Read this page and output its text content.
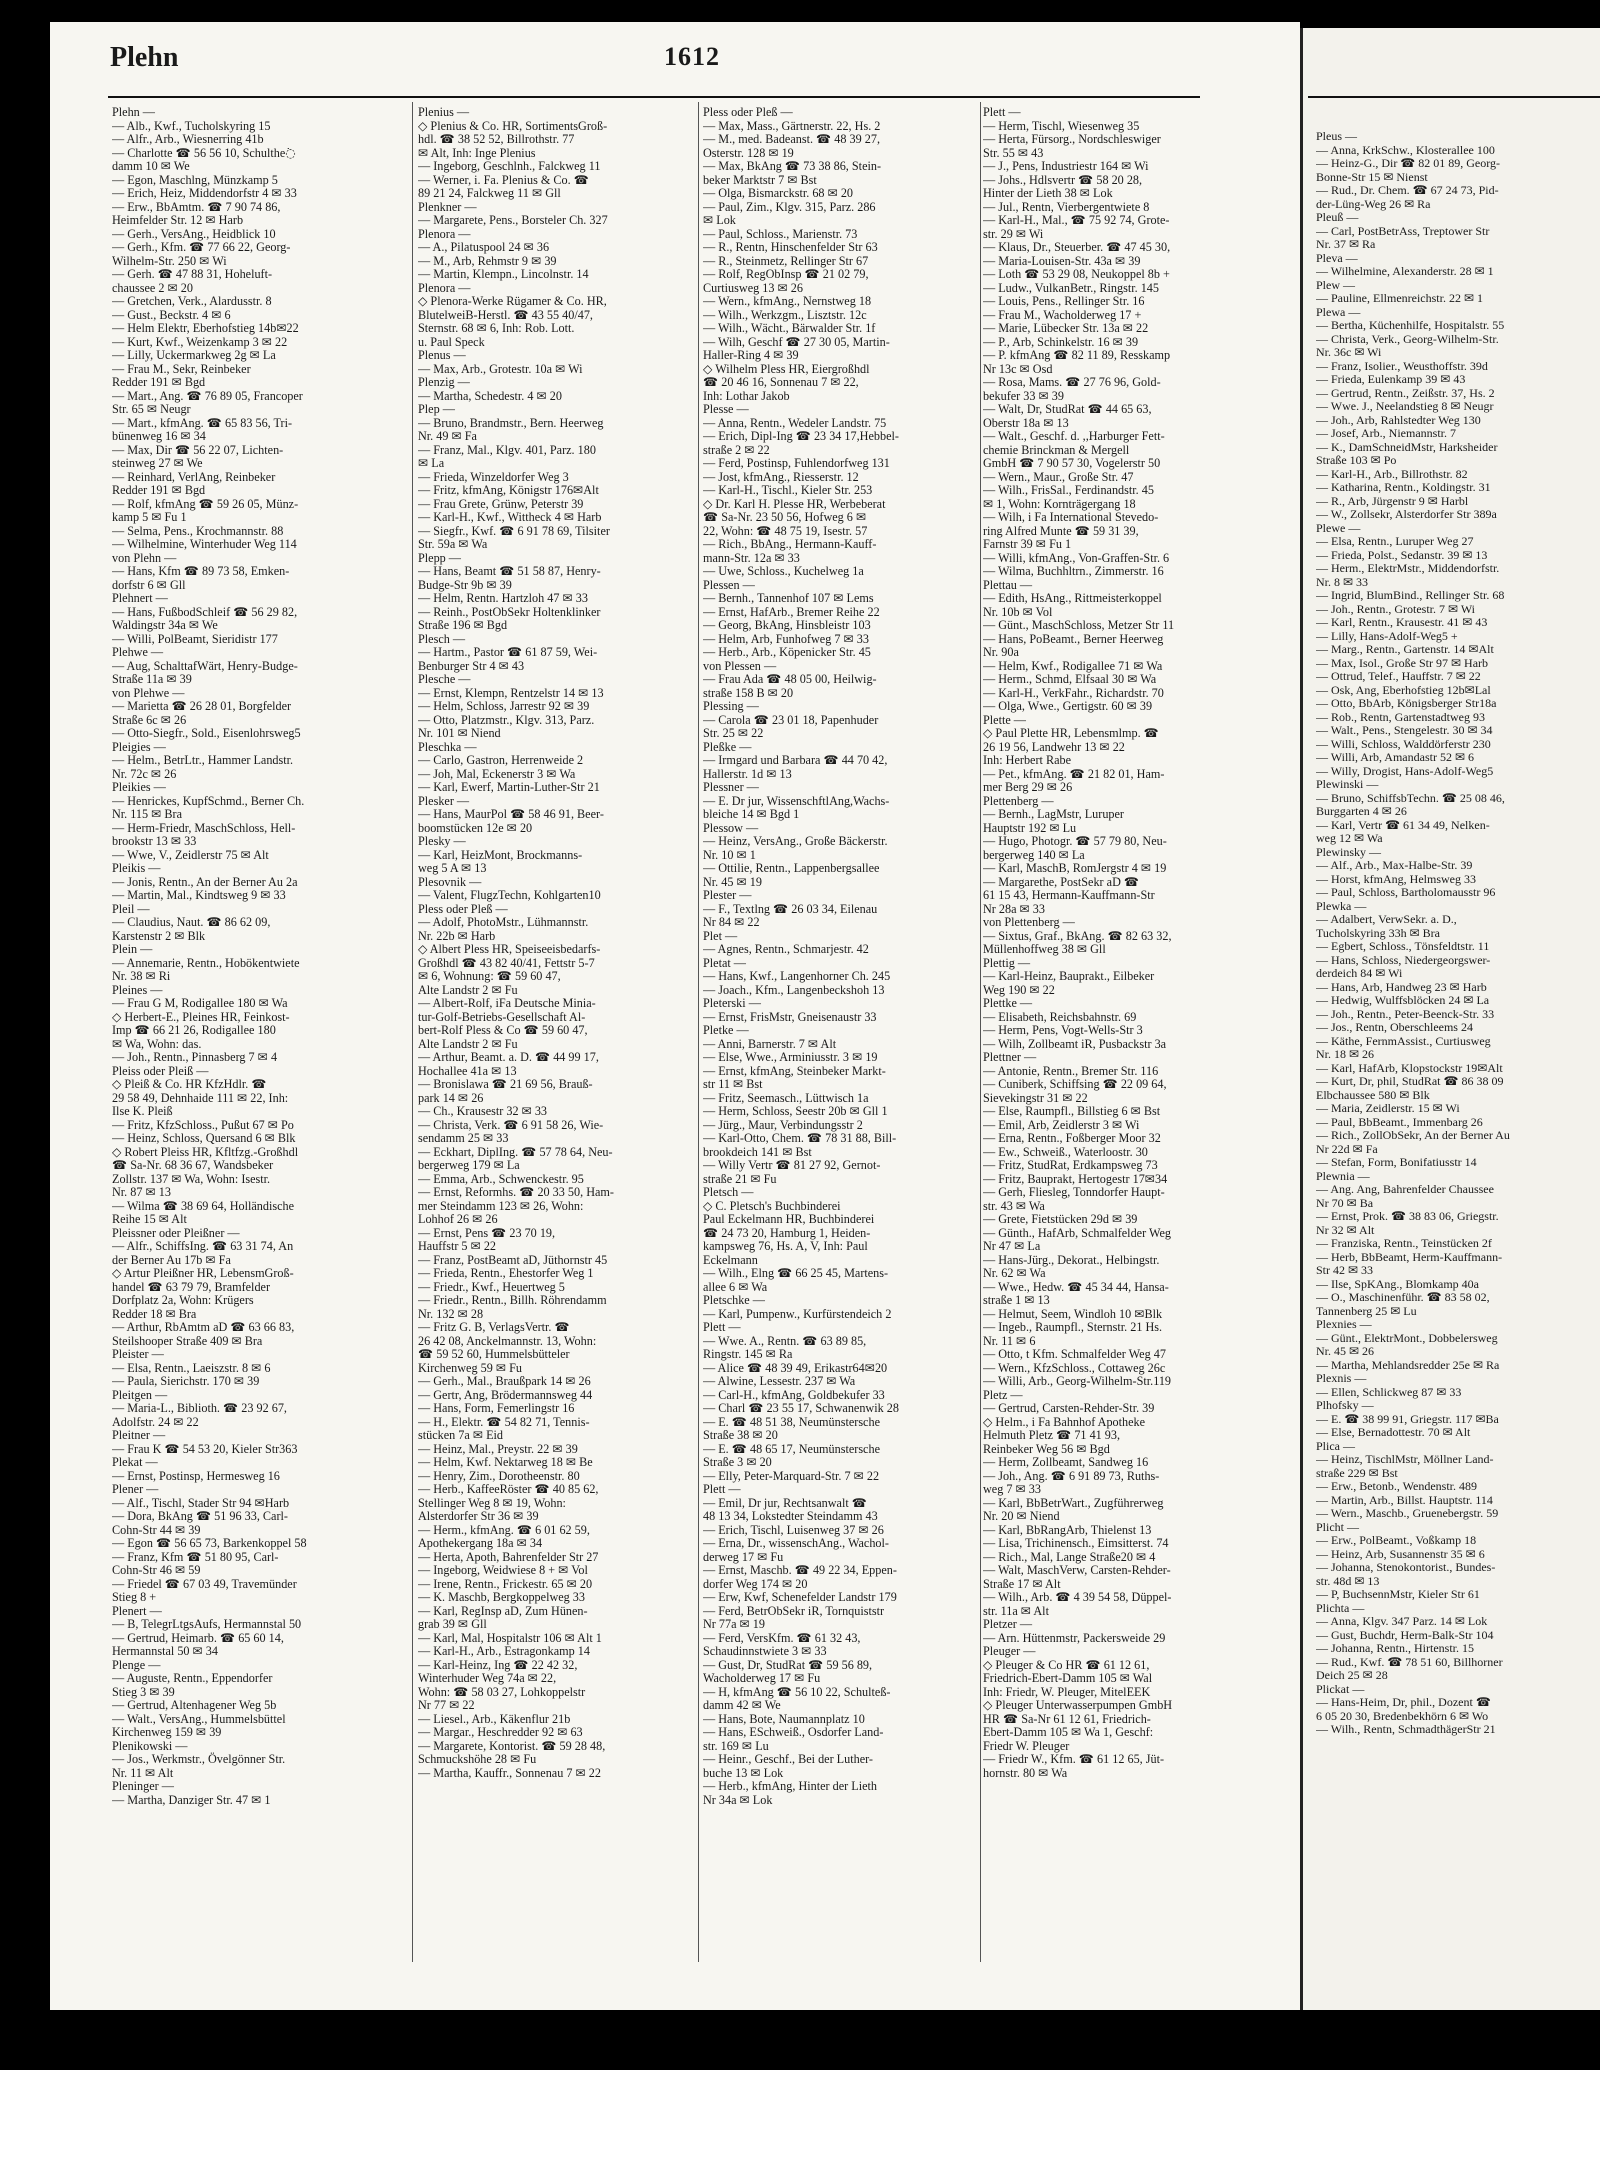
Plehn	1612
Plehn —
— Alb., Kwf., Tucholskyring 15
— Alfr., Arb., Wiesnerring 41b
— Charlotte ☎ 56 56 10, Schulthe߭
damm 10 ✉ We
— Egon, Maschlng, Münzkamp 5
— Erich, Heiz, Middendorfstr 4 ✉ 33
— Erw., BbAmtm. ☎ 7 90 74 86,
Heimfelder Str. 12 ✉ Harb
— Gerh., VersAng., Heidblick 10
— Gerh., Kfm. ☎ 77 66 22, Georg-
Wilhelm-Str. 250 ✉ Wi
— Gerh. ☎ 47 88 31, Hoheluft-
chaussee 2 ✉ 20
— Gretchen, Verk., Alardusstr. 8
— Gust., Beckstr. 4 ✉ 6
— Helm Elektr, Eberhofstieg 14b✉22
— Kurt, Kwf., Weizenkamp 3 ✉ 22
— Lilly, Uckermarkweg 2g ✉ La
— Frau M., Sekr, Reinbeker
Redder 191 ✉ Bgd
— Mart., Ang. ☎ 76 89 05, Francoper
Str. 65 ✉ Neugr
— Mart., kfmAng. ☎ 65 83 56, Tri-
bünenweg 16 ✉ 34
— Max, Dir ☎ 56 22 07, Lichten-
steinweg 27 ✉ We
— Reinhard, VerlAng, Reinbeker
Redder 191 ✉ Bgd
— Rolf, kfmAng ☎ 59 26 05, Münz-
kamp 5 ✉ Fu 1
— Selma, Pens., Krochmannstr. 88
— Wilhelmine, Winterhuder Weg 114
von Plehn —
— Hans, Kfm ☎ 89 73 58, Emken-
dorfstr 6 ✉ Gll
Plehnert —
— Hans, FußbodSchleif ☎ 56 29 82,
Waldingstr 34a ✉ We
— Willi, PolBeamt, Sieridistr 177
Plehwe —
— Aug, SchalttafWärt, Henry-Budge-
Straße 11a ✉ 39
von Plehwe —
— Marietta ☎ 26 28 01, Borgfelder
Straße 6c ✉ 26
— Otto-Siegfr., Sold., Eisenlohrsweg5
Pleigies —
— Helm., BetrLtr., Hammer Landstr.
Nr. 72c ✉ 26
Pleikies —
— Henrickes, KupfSchmd., Berner Ch.
Nr. 115 ✉ Bra
— Herm-Friedr, MaschSchloss, Hell-
brookstr 13 ✉ 33
— Wwe, V., Zeidlerstr 75 ✉ Alt
Pleikis —
— Jonis, Rentn., An der Berner Au 2a
— Martin, Mal., Kindtsweg 9 ✉ 33
Pleil —
— Claudius, Naut. ☎ 86 62 09,
Karstenstr 2 ✉ Blk
Plein —
— Annemarie, Rentn., Hobökentwiete
Nr. 38 ✉ Ri
Pleines —
— Frau G M, Rodigallee 180 ✉ Wa
◇ Herbert-E., Pleines HR, Feinkost-
Imp ☎ 66 21 26, Rodigallee 180
✉ Wa, Wohn: das.
— Joh., Rentn., Pinnasberg 7 ✉ 4
Pleiss oder Pleiß —
◇ Pleiß & Co. HR KfzHdlr. ☎
29 58 49, Dehnhaide 111 ✉ 22, Inh:
Ilse K. Pleiß
— Fritz, KfzSchloss., Pußut 67 ✉ Po
— Heinz, Schloss, Quersand 6 ✉ Blk
◇ Robert Pleiss HR, Kfltfzg.-Großhdl
☎ Sa-Nr. 68 36 67, Wandsbeker
Zollstr. 137 ✉ Wa, Wohn: Isestr.
Nr. 87 ✉ 13
— Wilma ☎ 38 69 64, Holländische
Reihe 15 ✉ Alt
Pleissner oder Pleißner —
— Alfr., SchiffsIng. ☎ 63 31 74, An
der Berner Au 17b ✉ Fa
◇ Artur Pleißner HR, LebensmGroß-
handel ☎ 63 79 79, Bramfelder
Dorfplatz 2a, Wohn: Krügers
Redder 18 ✉ Bra
— Arthur, RbAmtm aD ☎ 63 66 83,
Steilshooper Straße 409 ✉ Bra
Pleister —
— Elsa, Rentn., Laeiszstr. 8 ✉ 6
— Paula, Sierichstr. 170 ✉ 39
Pleitgen —
— Maria-L., Biblioth. ☎ 23 92 67,
Adolfstr. 24 ✉ 22
Pleitner —
— Frau K ☎ 54 53 20, Kieler Str363
Plekat —
— Ernst, Postinsp, Hermesweg 16
Plener —
— Alf., Tischl, Stader Str 94 ✉Harb
— Dora, BkAng ☎ 51 96 33, Carl-
Cohn-Str 44 ✉ 39
— Egon ☎ 56 65 73, Barkenkoppel 58
— Franz, Kfm ☎ 51 80 95, Carl-
Cohn-Str 46 ✉ 59
— Friedel ☎ 67 03 49, Travemünder
Stieg 8 +
Plenert —
— B, TelegrLtgsAufs, Hermannstal 50
— Gertrud, Heimarb. ☎ 65 60 14,
Hermannstal 50 ✉ 34
Plenge —
— Auguste, Rentn., Eppendorfer
Stieg 3 ✉ 39
— Gertrud, Altenhagener Weg 5b
— Walt., VersAng., Hummelsbüttel
Kirchenweg 159 ✉ 39
Plenikowski —
— Jos., Werkmstr., Övelgönner Str.
Nr. 11 ✉ Alt
Pleninger —
— Martha, Danziger Str. 47 ✉ 1
Plenius —
◇ Plenius & Co. HR, SortimentsGroß-
hdl. ☎ 38 52 52, Billrothstr. 77
✉ Alt, Inh: Inge Plenius
— Ingeborg, Geschlnh., Falckweg 11
— Werner, i. Fa. Plenius & Co. ☎
89 21 24, Falckweg 11 ✉ Gll
Plenkner —
— Margarete, Pens., Borsteler Ch. 327
Plenora —
— A., Pilatuspool 24 ✉ 36
— M., Arb, Rehmstr 9 ✉ 39
— Martin, Klempn., Lincolnstr. 14
Plenora —
◇ Plenora-Werke Rügamer & Co. HR,
BlutelweiB-Herstl. ☎ 43 55 40/47,
Sternstr. 68 ✉ 6, Inh: Rob. Lott.
u. Paul Speck
Plenus —
— Max, Arb., Grotestr. 10a ✉ Wi
Plenzig —
— Martha, Schedestr. 4 ✉ 20
Plep —
— Bruno, Brandmstr., Bern. Heerweg
Nr. 49 ✉ Fa
— Franz, Mal., Klgv. 401, Parz. 180
✉ La
— Frieda, Winzeldorfer Weg 3
— Fritz, kfmAng, Königstr 176✉Alt
— Frau Grete, Grünw, Peterstr 39
— Karl-H., Kwf., Wittheck 4 ✉ Harb
— Siegfr., Kwf. ☎ 6 91 78 69, Tilsiter
Str. 59a ✉ Wa
Plepp —
— Hans, Beamt ☎ 51 58 87, Henry-
Budge-Str 9b ✉ 39
— Helm, Rentn. Hartzloh 47 ✉ 33
— Reinh., PostObSekr Holtenklinker
Straße 196 ✉ Bgd
Plesch —
— Hartm., Pastor ☎ 61 87 59, Wei-
Benburger Str 4 ✉ 43
Plesche —
— Ernst, Klempn, Rentzelstr 14 ✉ 13
— Helm, Schloss, Jarrestr 92 ✉ 39
— Otto, Platzmstr., Klgv. 313, Parz.
Nr. 101 ✉ Niend
Pleschka —
— Carlo, Gastron, Herrenweide 2
— Joh, Mal, Eckenerstr 3 ✉ Wa
— Karl, Ewerf, Martin-Luther-Str 21
Plesker —
— Hans, MaurPol ☎ 58 46 91, Beer-
boomstücken 12e ✉ 20
Plesky —
— Karl, HeizMont, Brockmanns-
weg 5 A ✉ 13
Plesovnik —
— Valent, FlugzTechn, Kohlgarten10
Pless oder Pleß —
— Adolf, PhotoMstr., Lühmannstr.
Nr. 22b ✉ Harb
◇ Albert Pless HR, Speiseeisbedarfs-
Großhdl ☎ 43 82 40/41, Fettstr 5-7
✉ 6, Wohnung: ☎ 59 60 47,
Alte Landstr 2 ✉ Fu
— Albert-Rolf, iFa Deutsche Minia-
tur-Golf-Betriebs-Gesellschaft Al-
bert-Rolf Pless & Co ☎ 59 60 47,
Alte Landstr 2 ✉ Fu
— Arthur, Beamt. a. D. ☎ 44 99 17,
Hochallee 41a ✉ 13
— Bronislawa ☎ 21 69 56, Brauß-
park 14 ✉ 26
— Ch., Krausestr 32 ✉ 33
— Christa, Verk. ☎ 6 91 58 26, Wie-
sendamm 25 ✉ 33
— Eckhart, DiplIng. ☎ 57 78 64, Neu-
bergerweg 179 ✉ La
— Emma, Arb., Schwenckestr. 95
— Ernst, Reformhs. ☎ 20 33 50, Ham-
mer Steindamm 123 ✉ 26, Wohn:
Lohhof 26 ✉ 26
— Ernst, Pens ☎ 23 70 19,
Hauffstr 5 ✉ 22
— Franz, PostBeamt aD, Jüthornstr 45
— Frieda, Rentn., Ehestorfer Weg 1
— Friedr., Kwf., Heuertweg 5
— Friedr., Rentn., Billh. Röhrendamm
Nr. 132 ✉ 28
— Fritz G. B, VerlagsVertr. ☎
26 42 08, Anckelmannstr. 13, Wohn:
☎ 59 52 60, Hummelsbütteler
Kirchenweg 59 ✉ Fu
— Gerh., Mal., Braußpark 14 ✉ 26
— Gertr, Ang, Brödermannsweg 44
— Hans, Form, Femerlingstr 16
— H., Elektr. ☎ 54 82 71, Tennis-
stücken 7a ✉ Eid
— Heinz, Mal., Preystr. 22 ✉ 39
— Helm, Kwf. Nektarweg 18 ✉ Be
— Henry, Zim., Dorotheenstr. 80
— Herb., KaffeeRöster ☎ 40 85 62,
Stellinger Weg 8 ✉ 19, Wohn:
Alsterdorfer Str 36 ✉ 39
— Herm., kfmAng. ☎ 6 01 62 59,
Apothekergang 18a ✉ 34
— Herta, Apoth, Bahrenfelder Str 27
— Ingeborg, Weidwiese 8 + ✉ Vol
— Irene, Rentn., Frickestr. 65 ✉ 20
— K. Maschb, Bergkoppelweg 33
— Karl, RegInsp aD, Zum Hünen-
grab 39 ✉ Gll
— Karl, Mal, Hospitalstr 106 ✉ Alt 1
— Karl-H., Arb., Estragonkamp 14
— Karl-Heinz, Ing ☎ 22 42 32,
Winterhuder Weg 74a ✉ 22,
Wohn: ☎ 58 03 27, Lohkoppelstr
Nr 77 ✉ 22
— Liesel., Arb., Käkenflur 21b
— Margar., Heschredder 92 ✉ 63
— Margarete, Kontorist. ☎ 59 28 48,
Schmuckshöhe 28 ✉ Fu
— Martha, Kauffr., Sonnenau 7 ✉ 22
Pless oder Pleß —
— Max, Mass., Gärtnerstr. 22, Hs. 2
— M., med. Badeanst. ☎ 48 39 27,
Osterstr. 128 ✉ 19
— Max, BkAng ☎ 73 38 86, Stein-
beker Marktstr 7 ✉ Bst
— Olga, Bismarckstr. 68 ✉ 20
— Paul, Zim., Klgv. 315, Parz. 286
✉ Lok
— Paul, Schloss., Marienstr. 73
— R., Rentn, Hinschenfelder Str 63
— R., Steinmetz, Rellinger Str 67
— Rolf, RegObInsp ☎ 21 02 79,
Curtiusweg 13 ✉ 26
— Wern., kfmAng., Nernstweg 18
— Wilh., Werkzgm., Lisztstr. 12c
— Wilh., Wächt., Bärwalder Str. 1f
— Wilh, Geschf ☎ 27 30 05, Martin-
Haller-Ring 4 ✉ 39
◇ Wilhelm Pless HR, Eiergroßhdl
☎ 20 46 16, Sonnenau 7 ✉ 22,
Inh: Lothar Jakob
Plesse —
— Anna, Rentn., Wedeler Landstr. 75
— Erich, Dipl-Ing ☎ 23 34 17,Hebbel-
straße 2 ✉ 22
— Ferd, Postinsp, Fuhlendorfweg 131
— Jost, kfmAng., Riesserstr. 12
— Karl-H., Tischl., Kieler Str. 253
◇ Dr. Karl H. Plesse HR, Werbeberat
☎ Sa-Nr. 23 50 56, Hofweg 6 ✉
22, Wohn: ☎ 48 75 19, Isestr. 57
— Rich., BbAng., Hermann-Kauff-
mann-Str. 12a ✉ 33
— Uwe, Schloss., Kuchelweg 1a
Plessen —
— Bernh., Tannenhof 107 ✉ Lems
— Ernst, HafArb., Bremer Reihe 22
— Georg, BkAng, Hinsbleistr 103
— Helm, Arb, Funhofweg 7 ✉ 33
— Herb., Arb., Köpenicker Str. 45
von Plessen —
— Frau Ada ☎ 48 05 00, Heilwig-
straße 158 B ✉ 20
Plessing —
— Carola ☎ 23 01 18, Papenhuder
Str. 25 ✉ 22
Pleßke —
— Irmgard und Barbara ☎ 44 70 42,
Hallerstr. 1d ✉ 13
Plessner —
— E. Dr jur, WissenschftlAng,Wachs-
bleiche 14 ✉ Bgd 1
Plessow —
— Heinz, VersAng., Große Bäckerstr.
Nr. 10 ✉ 1
— Ottilie, Rentn., Lappenbergsallee
Nr. 45 ✉ 19
Plester —
— F., Textlng ☎ 26 03 34, Eilenau
Nr 84 ✉ 22
Plet —
— Agnes, Rentn., Schmarjestr. 42
Pletat —
— Hans, Kwf., Langenhorner Ch. 245
— Joach., Kfm., Langenbeckshoh 13
Pleterski —
— Ernst, FrisMstr, Gneisenaustr 33
Pletke —
— Anni, Barnerstr. 7 ✉ Alt
— Else, Wwe., Arminiusstr. 3 ✉ 19
— Ernst, kfmAng, Steinbeker Markt-
str 11 ✉ Bst
— Fritz, Seemasch., Lüttwisch 1a
— Herm, Schloss, Seestr 20b ✉ Gll 1
— Jürg., Maur, Verbindungsstr 2
— Karl-Otto, Chem. ☎ 78 31 88, Bill-
brookdeich 141 ✉ Bst
— Willy Vertr ☎ 81 27 92, Gernot-
straße 21 ✉ Fu
Pletsch —
◇ C. Pletsch's Buchbinderei
Paul Eckelmann HR, Buchbinderei
☎ 24 73 20, Hamburg 1, Heiden-
kampsweg 76, Hs. A, V, Inh: Paul
Eckelmann
— Wilh., Elng ☎ 66 25 45, Martens-
allee 6 ✉ Wa
Pletschke —
— Karl, Pumpenw., Kurfürstendeich 2
Plett —
— Wwe. A., Rentn. ☎ 63 89 85,
Ringstr. 145 ✉ Ra
— Alice ☎ 48 39 49, Erikastr64✉20
— Alwine, Lessestr. 237 ✉ Wa
— Carl-H., kfmAng, Goldbekufer 33
— Charl ☎ 23 55 17, Schwanenwik 28
— E. ☎ 48 51 38, Neumünstersche
Straße 38 ✉ 20
— E. ☎ 48 65 17, Neumünstersche
Straße 3 ✉ 20
— Elly, Peter-Marquard-Str. 7 ✉ 22
Plett —
— Emil, Dr jur, Rechtsanwalt ☎
48 13 34, Lokstedter Steindamm 43
— Erich, Tischl, Luisenweg 37 ✉ 26
— Erna, Dr., wissenschAng., Wachol-
derweg 17 ✉ Fu
— Ernst, Maschb. ☎ 49 22 34, Eppen-
dorfer Weg 174 ✉ 20
— Erw, Kwf, Schenefelder Landstr 179
— Ferd, BetrObSekr iR, Tornquiststr
Nr 77a ✉ 19
— Ferd, VersKfm. ☎ 61 32 43,
Schaudinnstwiete 3 ✉ 33
— Gust, Dr, StudRat ☎ 59 56 89,
Wacholderweg 17 ✉ Fu
— H, kfmAng ☎ 56 10 22, Schulteß-
damm 42 ✉ We
— Hans, Bote, Naumannplatz 10
— Hans, ESchweiß., Osdorfer Land-
str. 169 ✉ Lu
— Heinr., Geschf., Bei der Luther-
buche 13 ✉ Lok
— Herb., kfmAng, Hinter der Lieth
Nr 34a ✉ Lok
Plett —
— Herm, Tischl, Wiesenweg 35
— Herta, Fürsorg., Nordschleswiger
Str. 55 ✉ 43
— J., Pens, Industriestr 164 ✉ Wi
— Johs., Hdlsvertr ☎ 58 20 28,
Hinter der Lieth 38 ✉ Lok
— Jul., Rentn, Vierbergentwiete 8
— Karl-H., Mal., ☎ 75 92 74, Grote-
str. 29 ✉ Wi
— Klaus, Dr., Steuerber. ☎ 47 45 30,
— Maria-Louisen-Str. 43a ✉ 39
— Loth ☎ 53 29 08, Neukoppel 8b +
— Ludw., VulkanBetr., Ringstr. 145
— Louis, Pens., Rellinger Str. 16
— Frau M., Wacholderweg 17 +
— Marie, Lübecker Str. 13a ✉ 22
— P., Arb, Schinkelstr. 16 ✉ 39
— P. kfmAng ☎ 82 11 89, Resskamp
Nr 13c ✉ Osd
— Rosa, Mams. ☎ 27 76 96, Gold-
bekufer 33 ✉ 39
— Walt, Dr, StudRat ☎ 44 65 63,
Oberstr 18a ✉ 13
— Walt., Geschf. d. ,,Harburger Fett-
chemie Brinckman & Mergell
GmbH ☎ 7 90 57 30, Vogelerstr 50
— Wern., Maur., Große Str. 47
— Wilh., FrisSal., Ferdinandstr. 45
✉ 1, Wohn: Kornträgergang 18
— Wilh, i Fa International Stevedo-
ring Alfred Munte ☎ 59 31 39,
Farnstr 39 ✉ Fu 1
— Willi, kfmAng., Von-Graffen-Str. 6
— Wilma, Buchhltrn., Zimmerstr. 16
Plettau —
— Edith, HsAng., Rittmeisterkoppel
Nr. 10b ✉ Vol
— Günt., MaschSchloss, Metzer Str 11
— Hans, PoBeamt., Berner Heerweg
Nr. 90a
— Helm, Kwf., Rodigallee 71 ✉ Wa
— Herm., Schmd, Elfsaal 30 ✉ Wa
— Karl-H., VerkFahr., Richardstr. 70
— Olga, Wwe., Gertigstr. 60 ✉ 39
Plette —
◇ Paul Plette HR, Lebensmlmp. ☎
26 19 56, Landwehr 13 ✉ 22
Inh: Herbert Rabe
— Pet., kfmAng. ☎ 21 82 01, Ham-
mer Berg 29 ✉ 26
Plettenberg —
— Bernh., LagMstr, Luruper
Hauptstr 192 ✉ Lu
— Hugo, Photogr. ☎ 57 79 80, Neu-
bergerweg 140 ✉ La
— Karl, MaschB, RomJergstr 4 ✉ 19
— Margarethe, PostSekr aD ☎
61 15 43, Hermann-Kauffmann-Str
Nr 28a ✉ 33
von Plettenberg —
— Sixtus, Graf., BkAng. ☎ 82 63 32,
Müllenhoffweg 38 ✉ Gll
Plettig —
— Karl-Heinz, Bauprakt., Eilbeker
Weg 190 ✉ 22
Plettke —
— Elisabeth, Reichsbahnstr. 69
— Herm, Pens, Vogt-Wells-Str 3
— Wilh, Zollbeamt iR, Pusbackstr 3a
Plettner —
— Antonie, Rentn., Bremer Str. 116
— Cuniberk, Schiffsing ☎ 22 09 64,
Sievekingstr 31 ✉ 22
— Else, Raumpfl., Billstieg 6 ✉ Bst
— Emil, Arb, Zeidlerstr 3 ✉ Wi
— Erna, Rentn., Foßberger Moor 32
— Ew., Schweiß., Waterloostr. 30
— Fritz, StudRat, Erdkampsweg 73
— Fritz, Bauprakt, Hertogestr 17✉34
— Gerh, Fliesleg, Tonndorfer Haupt-
str. 43 ✉ Wa
— Grete, Fietstücken 29d ✉ 39
— Günth., HafArb, Schmalfelder Weg
Nr 47 ✉ La
— Hans-Jürg., Dekorat., Helbingstr.
Nr. 62 ✉ Wa
— Wwe., Hedw. ☎ 45 34 44, Hansa-
straße 1 ✉ 13
— Helmut, Seem, Windloh 10 ✉Blk
— Ingeb., Raumpfl., Sternstr. 21 Hs.
Nr. 11 ✉ 6
— Otto, t Kfm. Schmalfelder Weg 47
— Wern., KfzSchloss., Cottaweg 26c
— Willi, Arb., Georg-Wilhelm-Str.119
Pletz —
— Gertrud, Carsten-Rehder-Str. 39
◇ Helm., i Fa Bahnhof Apotheke
Helmuth Pletz ☎ 71 41 93,
Reinbeker Weg 56 ✉ Bgd
— Herm, Zollbeamt, Sandweg 16
— Joh., Ang. ☎ 6 91 89 73, Ruths-
weg 7 ✉ 33
— Karl, BbBetrWart., Zugführerweg
Nr. 20 ✉ Niend
— Karl, BbRangArb, Thielenst 13
— Lisa, Trichinensch., Eimsitterst. 74
— Rich., Mal, Lange Straße20 ✉ 4
— Walt, MaschVerw, Carsten-Rehder-
Straße 17 ✉ Alt
— Wilh., Arb. ☎ 4 39 54 58, Düppel-
str. 11a ✉ Alt
Pletzer —
— Arn. Hüttenmstr, Packersweide 29
Pleuger —
◇ Pleuger & Co HR ☎ 61 12 61,
Friedrich-Ebert-Damm 105 ✉ Wal
Inh: Friedr, W. Pleuger, MitelEEK
◇ Pleuger Unterwasserpumpen GmbH
HR ☎ Sa-Nr 61 12 61, Friedrich-
Ebert-Damm 105 ✉ Wa 1, Geschf:
Friedr W. Pleuger
— Friedr W., Kfm. ☎ 61 12 65, Jüt-
hornstr. 80 ✉ Wa
Pleus —
— Anna, KrkSchw., Klosterallee 100
— Heinz-G., Dir ☎ 82 01 89, Georg-
Bonne-Str 15 ✉ Nienst
— Rud., Dr. Chem. ☎ 67 24 73, Pid-
der-Lüng-Weg 26 ✉ Ra
Pleuß —
— Carl, PostBetrAss, Treptower Str
Nr. 37 ✉ Ra
Pleva —
— Wilhelmine, Alexanderstr. 28 ✉ 1
Plew —
— Pauline, Ellmenreichstr. 22 ✉ 1
Plewa —
— Bertha, Küchenhilfe, Hospitalstr. 55
— Christa, Verk., Georg-Wilhelm-Str.
Nr. 36c ✉ Wi
— Franz, Isolier., Weusthoffstr. 39d
— Frieda, Eulenkamp 39 ✉ 43
— Gertrud, Rentn., Zeißstr. 37, Hs. 2
— Wwe. J., Neelandstieg 8 ✉ Neugr
— Joh., Arb, Rahlstedter Weg 130
— Josef, Arb., Niemannstr. 7
— K., DamSchneidMstr, Harksheider
Straße 103 ✉ Po
— Karl-H., Arb., Billrothstr. 82
— Katharina, Rentn., Koldingstr. 31
— R., Arb, Jürgenstr 9 ✉ Harbl
— W., Zollsekr, Alsterdorfer Str 389a
Plewe —
— Elsa, Rentn., Luruper Weg 27
— Frieda, Polst., Sedanstr. 39 ✉ 13
— Herm., ElektrMstr., Middendorfstr.
Nr. 8 ✉ 33
— Ingrid, BlumBind., Rellinger Str. 68
— Joh., Rentn., Grotestr. 7 ✉ Wi
— Karl, Rentn., Krausestr. 41 ✉ 43
— Lilly, Hans-Adolf-Weg5 +
— Marg., Rentn., Gartenstr. 14 ✉Alt
— Max, Isol., Große Str 97 ✉ Harb
— Ottrud, Telef., Hauffstr. 7 ✉ 22
— Osk, Ang, Eberhofstieg 12b✉Lal
— Otto, BbArb, Königsberger Str18a
— Rob., Rentn, Gartenstadtweg 93
— Walt., Pens., Stengelestr. 30 ✉ 34
— Willi, Schloss, Walddörferstr 230
— Willi, Arb, Amandastr 52 ✉ 6
— Willy, Drogist, Hans-Adolf-Weg5
Plewinski —
— Bruno, SchiffsbTechn. ☎ 25 08 46,
Burggarten 4 ✉ 26
— Karl, Vertr ☎ 61 34 49, Nelken-
weg 12 ✉ Wa
Plewinsky —
— Alf., Arb., Max-Halbe-Str. 39
— Horst, kfmAng, Helmsweg 33
— Paul, Schloss, Bartholomausstr 96
Plewka —
— Adalbert, VerwSekr. a. D.,
Tucholskyring 33h ✉ Bra
— Egbert, Schloss., Tönsfeldtstr. 11
— Hans, Schloss, Niedergeorgswer-
derdeich 84 ✉ Wi
— Hans, Arb, Handweg 23 ✉ Harb
— Hedwig, Wulffsblöcken 24 ✉ La
— Joh., Rentn., Peter-Beenck-Str. 33
— Jos., Rentn, Oberschleems 24
— Käthe, FernmAssist., Curtiusweg
Nr. 18 ✉ 26
— Karl, HafArb, Klopstockstr 19✉Alt
— Kurt, Dr, phil, StudRat ☎ 86 38 09
Elbchaussee 580 ✉ Blk
— Maria, Zeidlerstr. 15 ✉ Wi
— Paul, BbBeamt., Immenbarg 26
— Rich., ZollObSekr, An der Berner Au
Nr 22d ✉ Fa
— Stefan, Form, Bonifatiusstr 14
Plewnia —
— Ang. Ang, Bahrenfelder Chaussee
Nr 70 ✉ Ba
— Ernst, Prok. ☎ 38 83 06, Griegstr.
Nr 32 ✉ Alt
— Franziska, Rentn., Teinstücken 2f
— Herb, BbBeamt, Herm-Kauffmann-
Str 42 ✉ 33
— Ilse, SpKAng., Blomkamp 40a
— O., Maschinenführ. ☎ 83 58 02,
Tannenberg 25 ✉ Lu
Plexnies —
— Günt., ElektrMont., Dobbelersweg
Nr. 45 ✉ 26
— Martha, Mehlandsredder 25e ✉ Ra
Plexnis —
— Ellen, Schlickweg 87 ✉ 33
Plhofsky —
— E. ☎ 38 99 91, Griegstr. 117 ✉Ba
— Else, Bernadottestr. 70 ✉ Alt
Plica —
— Heinz, TischlMstr, Möllner Land-
straße 229 ✉ Bst
— Erw., Betonb., Wendenstr. 489
— Martin, Arb., Billst. Hauptstr. 114
— Wern., Maschb., Gruenebergstr. 59
Plicht —
— Erw., PolBeamt., Voßkamp 18
— Heinz, Arb, Susannenstr 35 ✉ 6
— Johanna, Stenokontorist., Bundes-
str. 48d ✉ 13
— P, BuchsennMstr, Kieler Str 61
Plichta —
— Anna, Klgv. 347 Parz. 14 ✉ Lok
— Gust, Buchdr, Herm-Balk-Str 104
— Johanna, Rentn., Hirtenstr. 15
— Rud., Kwf. ☎ 78 51 60, Billhorner
Deich 25 ✉ 28
Plickat —
— Hans-Heim, Dr, phil., Dozent ☎
6 05 20 30, Bredenbekhörn 6 ✉ Wo
— Wilh., Rentn, SchmadthägerStr 21
